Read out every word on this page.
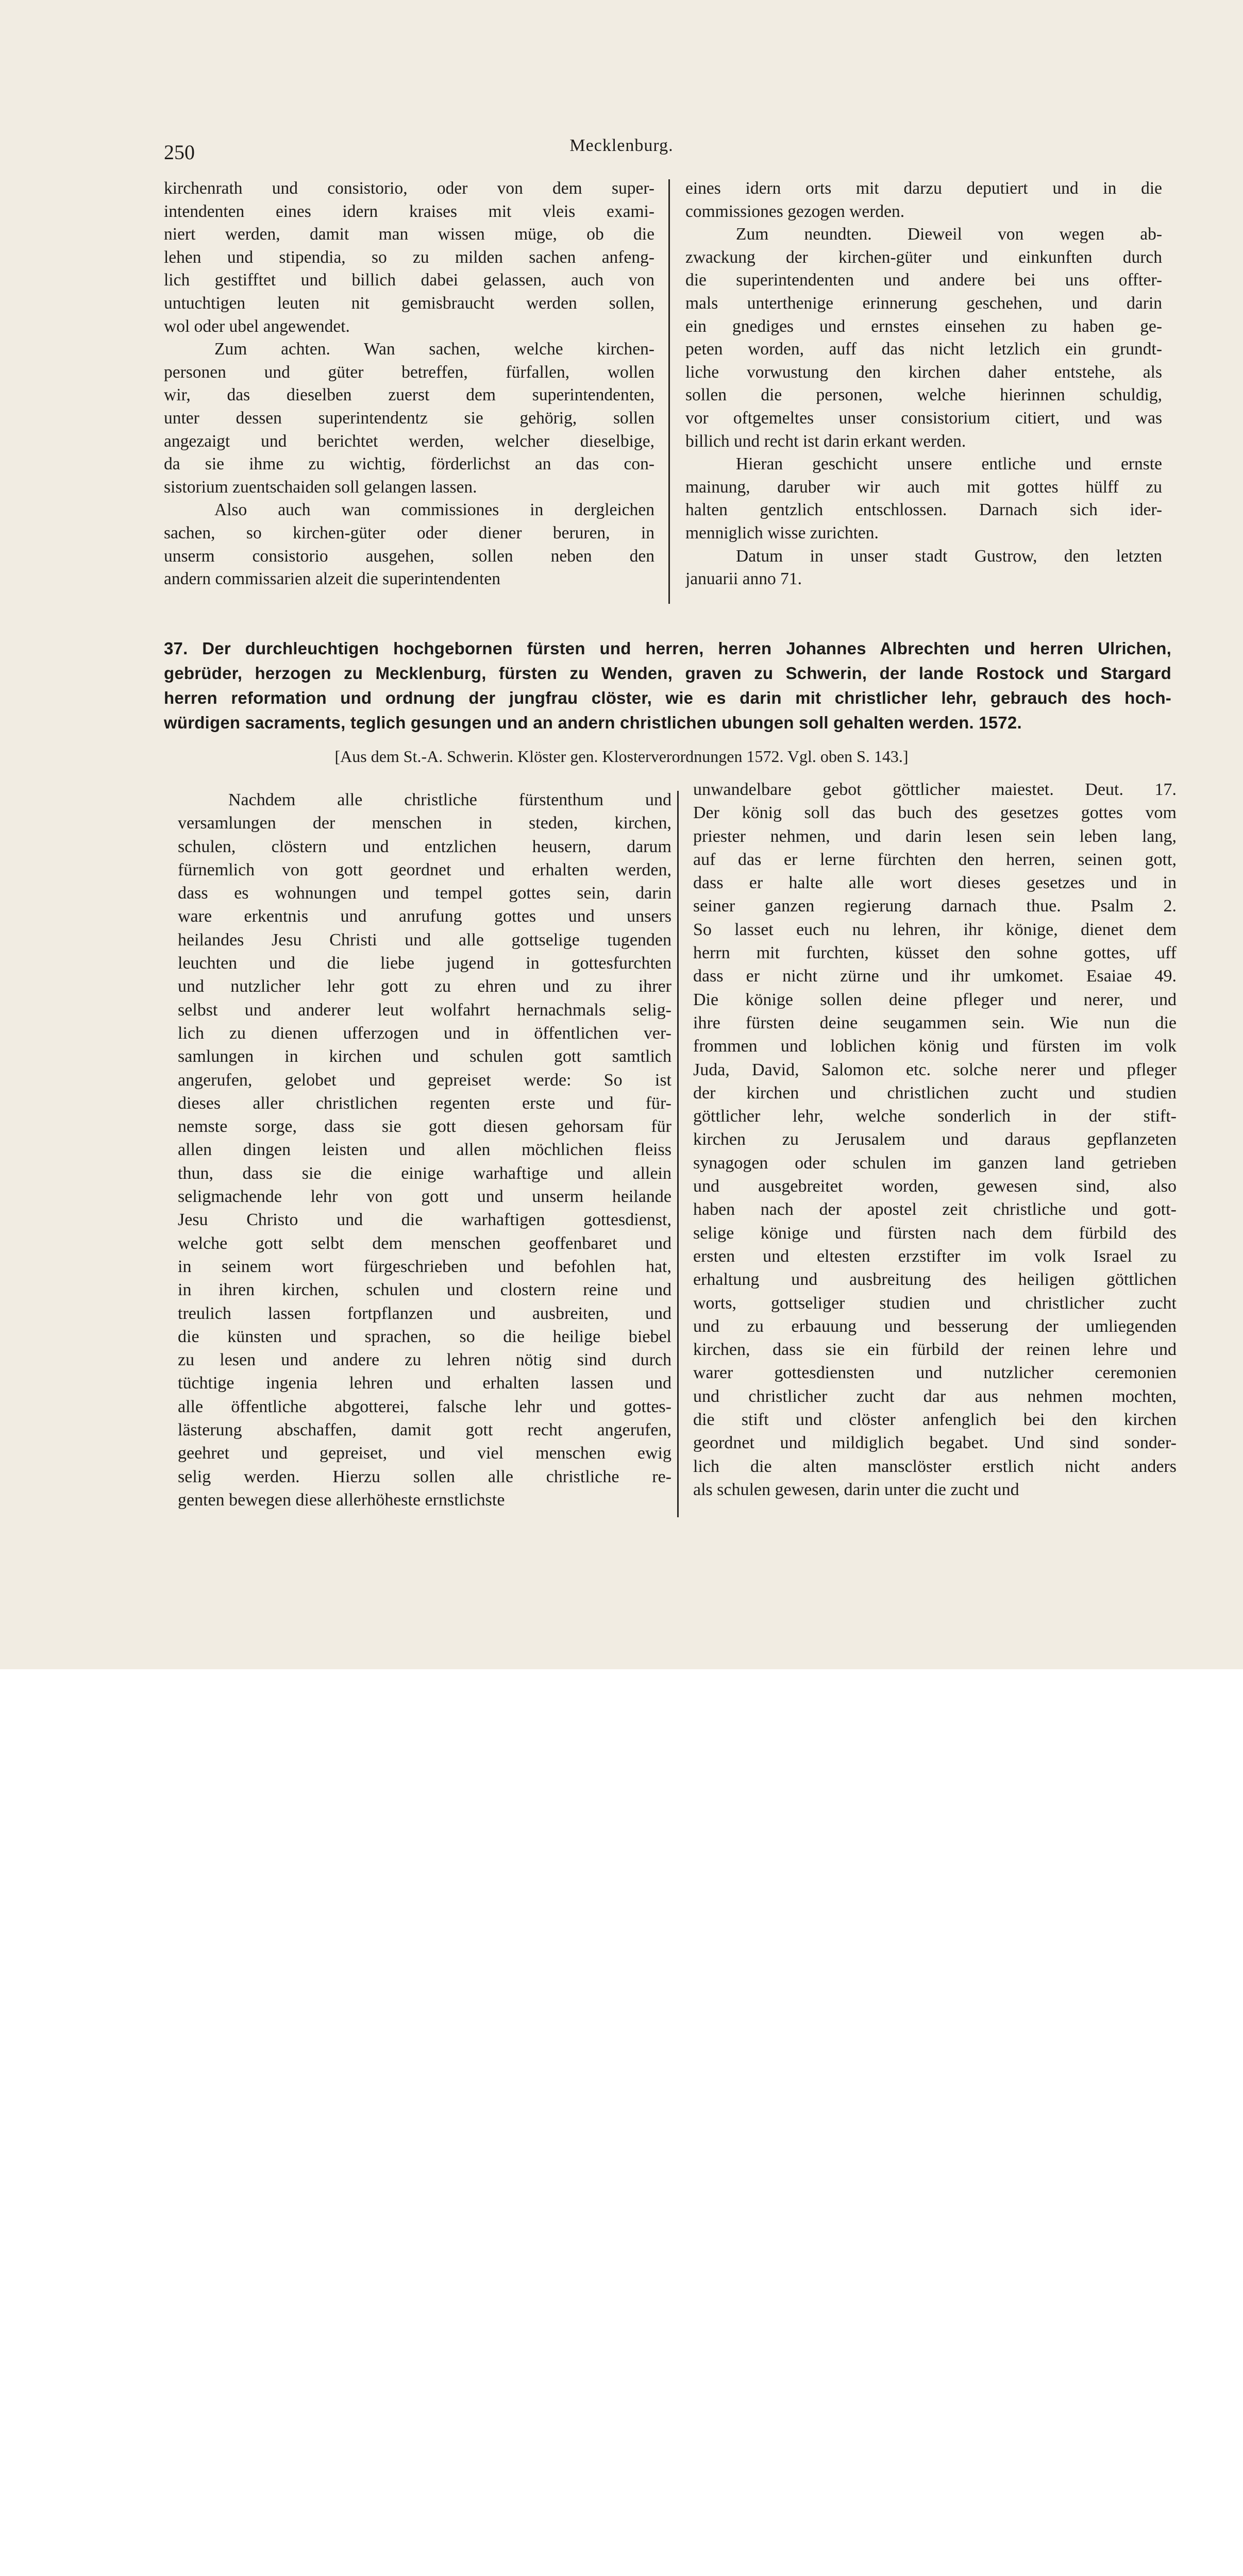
250	Mecklenburg.
kirchenrath und consistorio, oder von dem super-
intendenten eines idern kraises mit vleis exami-
niert werden, damit man wissen müge, ob die
lehen und stipendia, so zu milden sachen anfeng-
lich gestifftet und billich dabei gelassen, auch von
untuchtigen leuten nit gemisbraucht werden sollen,
wol oder ubel angewendet.
Zum achten. Wan sachen, welche kirchen-
personen und güter betreffen, fürfallen, wollen
wir, das dieselben zuerst dem superintendenten,
unter dessen superintendentz sie gehörig, sollen
angezaigt und berichtet werden, welcher dieselbige,
da sie ihme zu wichtig, förderlichst an das con-
sistorium zuentschaiden soll gelangen lassen.
Also auch wan commissiones in dergleichen
sachen, so kirchen-güter oder diener beruren, in
unserm consistorio ausgehen, sollen neben den
andern commissarien alzeit die superintendenten
eines idern orts mit darzu deputiert und in die
commissiones gezogen werden.
Zum neundten. Dieweil von wegen ab-
zwackung der kirchen-güter und einkunften durch
die superintendenten und andere bei uns offter-
mals unterthenige erinnerung geschehen, und darin
ein gnediges und ernstes einsehen zu haben ge-
peten worden, auff das nicht letzlich ein grundt-
liche vorwustung den kirchen daher entstehe, als
sollen die personen, welche hierinnen schuldig,
vor oftgemeltes unser consistorium citiert, und was
billich und recht ist darin erkant werden.
Hieran geschicht unsere entliche und ernste
mainung, daruber wir auch mit gottes hülff zu
halten gentzlich entschlossen. Darnach sich ider-
menniglich wisse zurichten.
Datum in unser stadt Gustrow, den letzten
januarii anno 71.
37. Der durchleuchtigen hochgebornen fürsten und herren, herren Johannes Albrechten und herren Ulrichen,
gebrüder, herzogen zu Mecklenburg, fürsten zu Wenden, graven zu Schwerin, der lande Rostock und Stargard
herren reformation und ordnung der jungfrau clöster, wie es darin mit christlicher lehr, gebrauch des hoch-
würdigen sacraments, teglich gesungen und an andern christlichen ubungen soll gehalten werden. 1572.
[Aus dem St.-A. Schwerin. Klöster gen. Klosterverordnungen 1572. Vgl. oben S. 143.]
Nachdem alle christliche fürstenthum und
versamlungen der menschen in steden, kirchen,
schulen, clöstern und entzlichen heusern, darum
fürnemlich von gott geordnet und erhalten werden,
dass es wohnungen und tempel gottes sein, darin
ware erkentnis und anrufung gottes und unsers
heilandes Jesu Christi und alle gottselige tugenden
leuchten und die liebe jugend in gottesfurchten
und nutzlicher lehr gott zu ehren und zu ihrer
selbst und anderer leut wolfahrt hernachmals selig-
lich zu dienen ufferzogen und in öffentlichen ver-
samlungen in kirchen und schulen gott samtlich
angerufen, gelobet und gepreiset werde: So ist
dieses aller christlichen regenten erste und für-
nemste sorge, dass sie gott diesen gehorsam für
allen dingen leisten und allen möchlichen fleiss
thun, dass sie die einige warhaftige und allein
seligmachende lehr von gott und unserm heilande
Jesu Christo und die warhaftigen gottesdienst,
welche gott selbt dem menschen geoffenbaret und
in seinem wort fürgeschrieben und befohlen hat,
in ihren kirchen, schulen und clostern reine und
treulich lassen fortpflanzen und ausbreiten, und
die künsten und sprachen, so die heilige biebel
zu lesen und andere zu lehren nötig sind durch
tüchtige ingenia lehren und erhalten lassen und
alle öffentliche abgotterei, falsche lehr und gottes-
lästerung abschaffen, damit gott recht angerufen,
geehret und gepreiset, und viel menschen ewig
selig werden. Hierzu sollen alle christliche re-
genten bewegen diese allerhöheste ernstlichste
unwandelbare gebot göttlicher maiestet. Deut. 17.
Der könig soll das buch des gesetzes gottes vom
priester nehmen, und darin lesen sein leben lang,
auf das er lerne fürchten den herren, seinen gott,
dass er halte alle wort dieses gesetzes und in
seiner ganzen regierung darnach thue. Psalm 2.
So lasset euch nu lehren, ihr könige, dienet dem
herrn mit furchten, küsset den sohne gottes, uff
dass er nicht zürne und ihr umkomet. Esaiae 49.
Die könige sollen deine pfleger und nerer, und
ihre fürsten deine seugammen sein. Wie nun die
frommen und loblichen könig und fürsten im volk
Juda, David, Salomon etc. solche nerer und pfleger
der kirchen und christlichen zucht und studien
göttlicher lehr, welche sonderlich in der stift-
kirchen zu Jerusalem und daraus gepflanzeten
synagogen oder schulen im ganzen land getrieben
und ausgebreitet worden, gewesen sind, also
haben nach der apostel zeit christliche und gott-
selige könige und fürsten nach dem fürbild des
ersten und eltesten erzstifter im volk Israel zu
erhaltung und ausbreitung des heiligen göttlichen
worts, gottseliger studien und christlicher zucht
und zu erbauung und besserung der umliegenden
kirchen, dass sie ein fürbild der reinen lehre und
warer gottesdiensten und nutzlicher ceremonien
und christlicher zucht dar aus nehmen mochten,
die stift und clöster anfenglich bei den kirchen
geordnet und mildiglich begabet. Und sind sonder-
lich die alten mansclöster erstlich nicht anders
als schulen gewesen, darin unter die zucht und
